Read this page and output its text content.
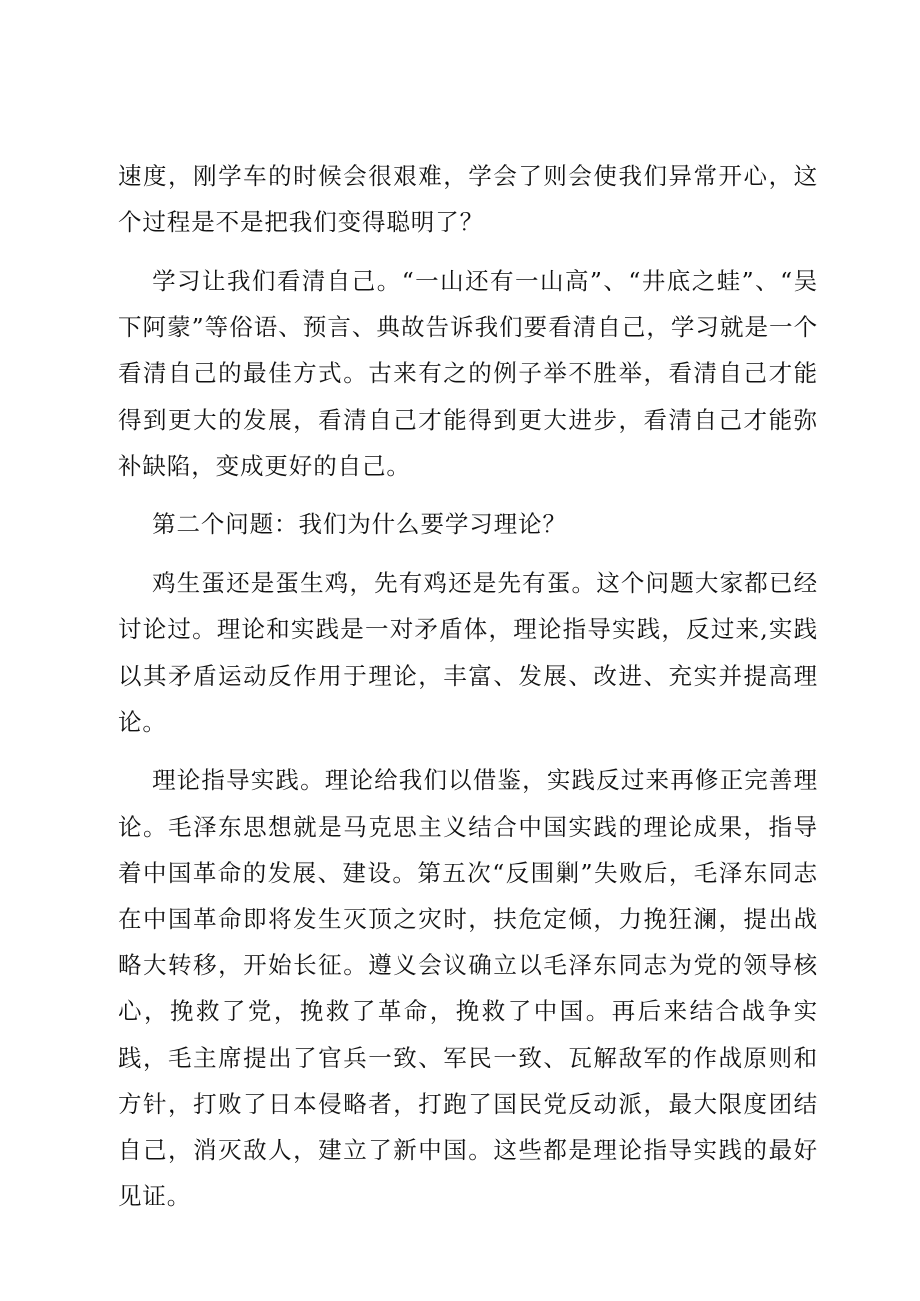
速度，刚学车的时候会很艰难，学会了则会使我们异常开心，这个过程是不是把我们变得聪明了？

学习让我们看清自己。“一山还有一山高”、“井底之蛙”、“吴下阿蒙”等俗语、预言、典故告诉我们要看清自己，学习就是一个看清自己的最佳方式。古来有之的例子举不胜举，看清自己才能得到更大的发展，看清自己才能得到更大进步，看清自己才能弥补缺陷，变成更好的自己。

第二个问题：我们为什么要学习理论？

鸡生蛋还是蛋生鸡，先有鸡还是先有蛋。这个问题大家都已经讨论过。理论和实践是一对矛盾体，理论指导实践，反过来,实践以其矛盾运动反作用于理论，丰富、发展、改进、充实并提高理论。

理论指导实践。理论给我们以借鉴，实践反过来再修正完善理论。毛泽东思想就是马克思主义结合中国实践的理论成果，指导着中国革命的发展、建设。第五次“反围剿”失败后，毛泽东同志在中国革命即将发生灭顶之灾时，扶危定倾，力挽狂澜，提出战略大转移，开始长征。遵义会议确立以毛泽东同志为党的领导核心，挽救了党，挽救了革命，挽救了中国。再后来结合战争实践，毛主席提出了官兵一致、军民一致、瓦解敌军的作战原则和方针，打败了日本侵略者，打跑了国民党反动派，最大限度团结自己，消灭敌人，建立了新中国。这些都是理论指导实践的最好见证。
